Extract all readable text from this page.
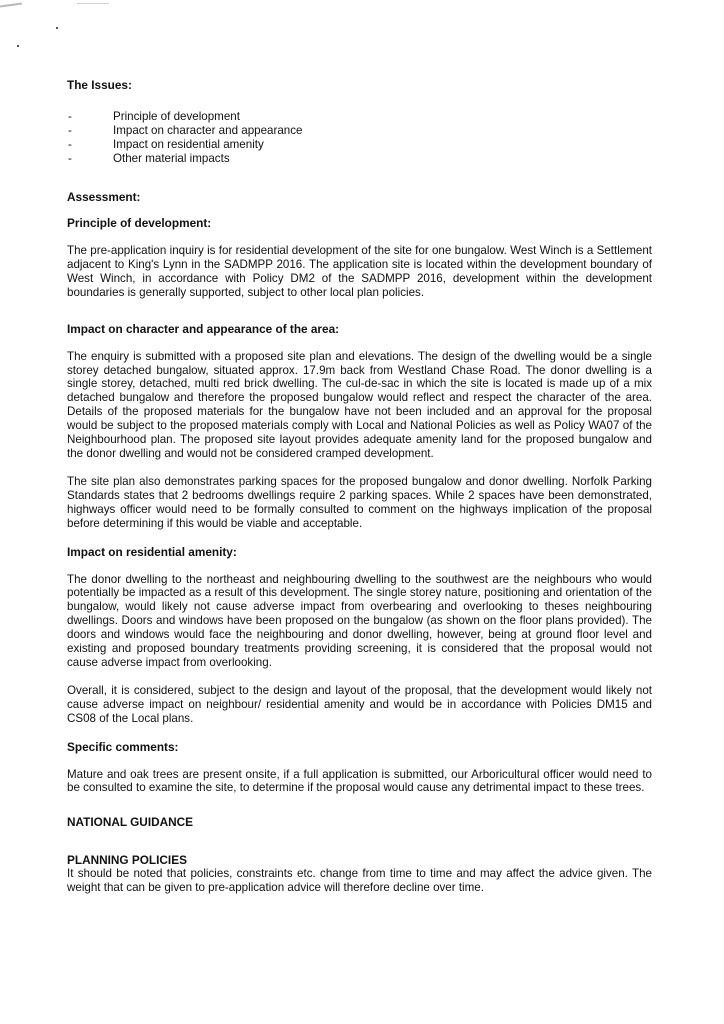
The Issues:
-	Principle of development
-	Impact on character and appearance
-	Impact on residential amenity
-	Other material impacts
Assessment:
Principle of development:

The pre-application inquiry is for residential development of the site for one bungalow. West Winch is a Settlement adjacent to King's Lynn in the SADMPP 2016. The application site is located within the development boundary of West Winch, in accordance with Policy DM2 of the SADMPP 2016, development within the development boundaries is generally supported, subject to other local plan policies.

Impact on character and appearance of the area:

The enquiry is submitted with a proposed site plan and elevations. The design of the dwelling would be a single storey detached bungalow, situated approx. 17.9m back from Westland Chase Road. The donor dwelling is a single storey, detached, multi red brick dwelling. The cul-de-sac in which the site is located is made up of a mix detached bungalow and therefore the proposed bungalow would reflect and respect the character of the area. Details of the proposed materials for the bungalow have not been included and an approval for the proposal would be subject to the proposed materials comply with Local and National Policies as well as Policy WA07 of the Neighbourhood plan. The proposed site layout provides adequate amenity land for the proposed bungalow and the donor dwelling and would not be considered cramped development.

The site plan also demonstrates parking spaces for the proposed bungalow and donor dwelling. Norfolk Parking Standards states that 2 bedrooms dwellings require 2 parking spaces. While 2 spaces have been demonstrated, highways officer would need to be formally consulted to comment on the highways implication of the proposal before determining if this would be viable and acceptable.

Impact on residential amenity:

The donor dwelling to the northeast and neighbouring dwelling to the southwest are the neighbours who would potentially be impacted as a result of this development. The single storey nature, positioning and orientation of the bungalow, would likely not cause adverse impact from overbearing and overlooking to theses neighbouring dwellings. Doors and windows have been proposed on the bungalow (as shown on the floor plans provided). The doors and windows would face the neighbouring and donor dwelling, however, being at ground floor level and existing and proposed boundary treatments providing screening, it is considered that the proposal would not cause adverse impact from overlooking.

Overall, it is considered, subject to the design and layout of the proposal, that the development would likely not cause adverse impact on neighbour/ residential amenity and would be in accordance with Policies DM15 and CS08 of the Local plans.

Specific comments:

Mature and oak trees are present onsite, if a full application is submitted, our Arboricultural officer would need to be consulted to examine the site, to determine if the proposal would cause any detrimental impact to these trees.

NATIONAL GUIDANCE
PLANNING POLICIES

It should be noted that policies, constraints etc. change from time to time and may affect the advice given. The weight that can be given to pre-application advice will therefore decline over time.
